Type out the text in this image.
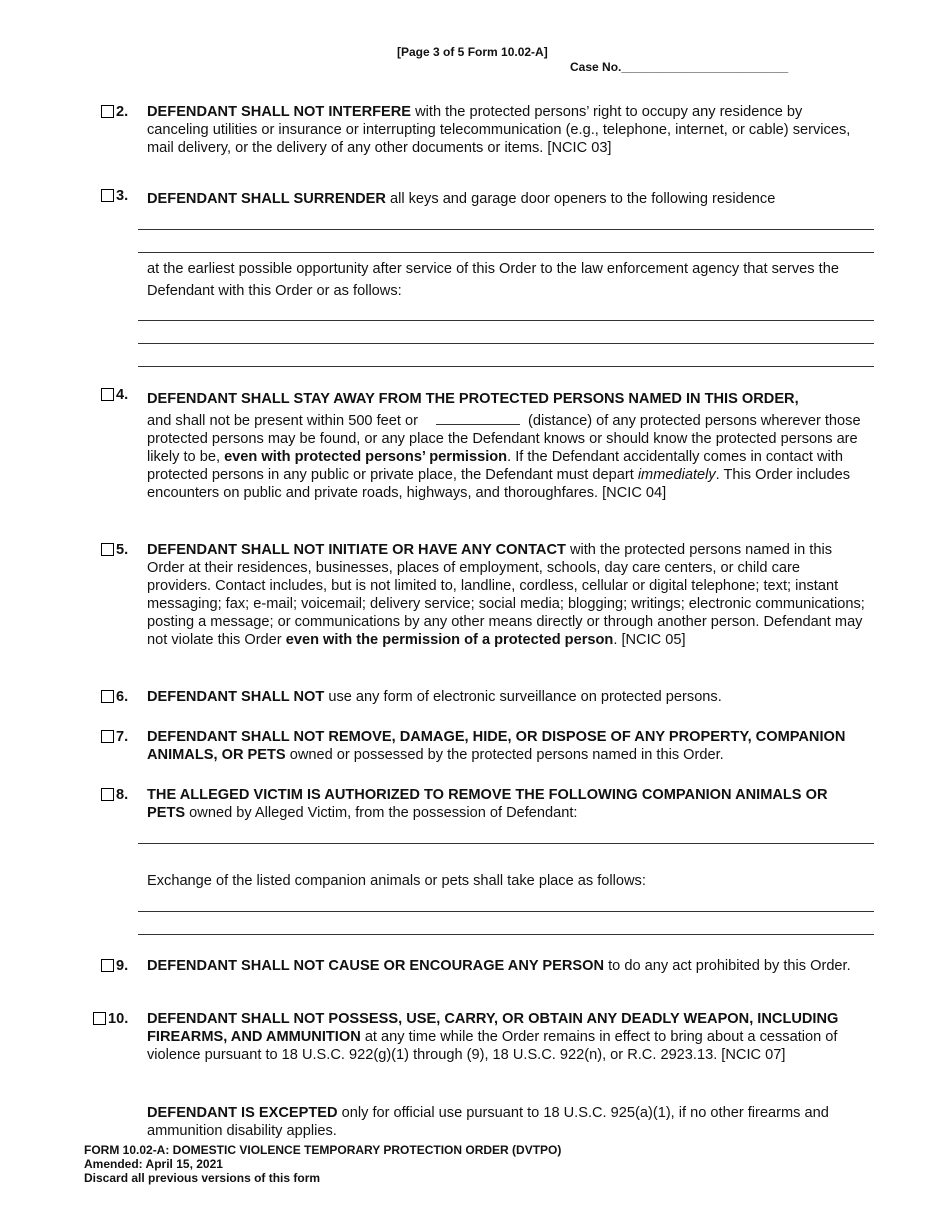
[Page 3 of 5 Form 10.02-A]
Case No._________________________
2. DEFENDANT SHALL NOT INTERFERE with the protected persons’ right to occupy any residence by canceling utilities or insurance or interrupting telecommunication (e.g., telephone, internet, or cable) services, mail delivery, or the delivery of any other documents or items. [NCIC 03]
3. DEFENDANT SHALL SURRENDER all keys and garage door openers to the following residence
at the earliest possible opportunity after service of this Order to the law enforcement agency that serves the Defendant with this Order or as follows:
4. DEFENDANT SHALL STAY AWAY FROM THE PROTECTED PERSONS NAMED IN THIS ORDER,
and shall not be present within 500 feet or	(distance) of any protected persons wherever those protected persons may be found, or any place the Defendant knows or should know the protected persons are likely to be, even with protected persons’ permission. If the Defendant accidentally comes in contact with protected persons in any public or private place, the Defendant must depart immediately. This Order includes encounters on public and private roads, highways, and thoroughfares. [NCIC 04]
5. DEFENDANT SHALL NOT INITIATE OR HAVE ANY CONTACT with the protected persons named in this Order at their residences, businesses, places of employment, schools, day care centers, or child care providers. Contact includes, but is not limited to, landline, cordless, cellular or digital telephone; text; instant messaging; fax; e-mail; voicemail; delivery service; social media; blogging; writings; electronic communications; posting a message; or communications by any other means directly or through another person. Defendant may not violate this Order even with the permission of a protected person. [NCIC 05]
6. DEFENDANT SHALL NOT use any form of electronic surveillance on protected persons.
7. DEFENDANT SHALL NOT REMOVE, DAMAGE, HIDE, OR DISPOSE OF ANY PROPERTY, COMPANION ANIMALS, OR PETS owned or possessed by the protected persons named in this Order.
8. THE ALLEGED VICTIM IS AUTHORIZED TO REMOVE THE FOLLOWING COMPANION ANIMALS OR PETS owned by Alleged Victim, from the possession of Defendant:
Exchange of the listed companion animals or pets shall take place as follows:
9. DEFENDANT SHALL NOT CAUSE OR ENCOURAGE ANY PERSON to do any act prohibited by this Order.
10. DEFENDANT SHALL NOT POSSESS, USE, CARRY, OR OBTAIN ANY DEADLY WEAPON, INCLUDING FIREARMS, AND AMMUNITION at any time while the Order remains in effect to bring about a cessation of violence pursuant to 18 U.S.C. 922(g)(1) through (9), 18 U.S.C. 922(n), or R.C. 2923.13. [NCIC 07]
DEFENDANT IS EXCEPTED only for official use pursuant to 18 U.S.C. 925(a)(1), if no other firearms and ammunition disability applies.
FORM 10.02-A: DOMESTIC VIOLENCE TEMPORARY PROTECTION ORDER (DVTPO)
Amended: April 15, 2021
Discard all previous versions of this form
